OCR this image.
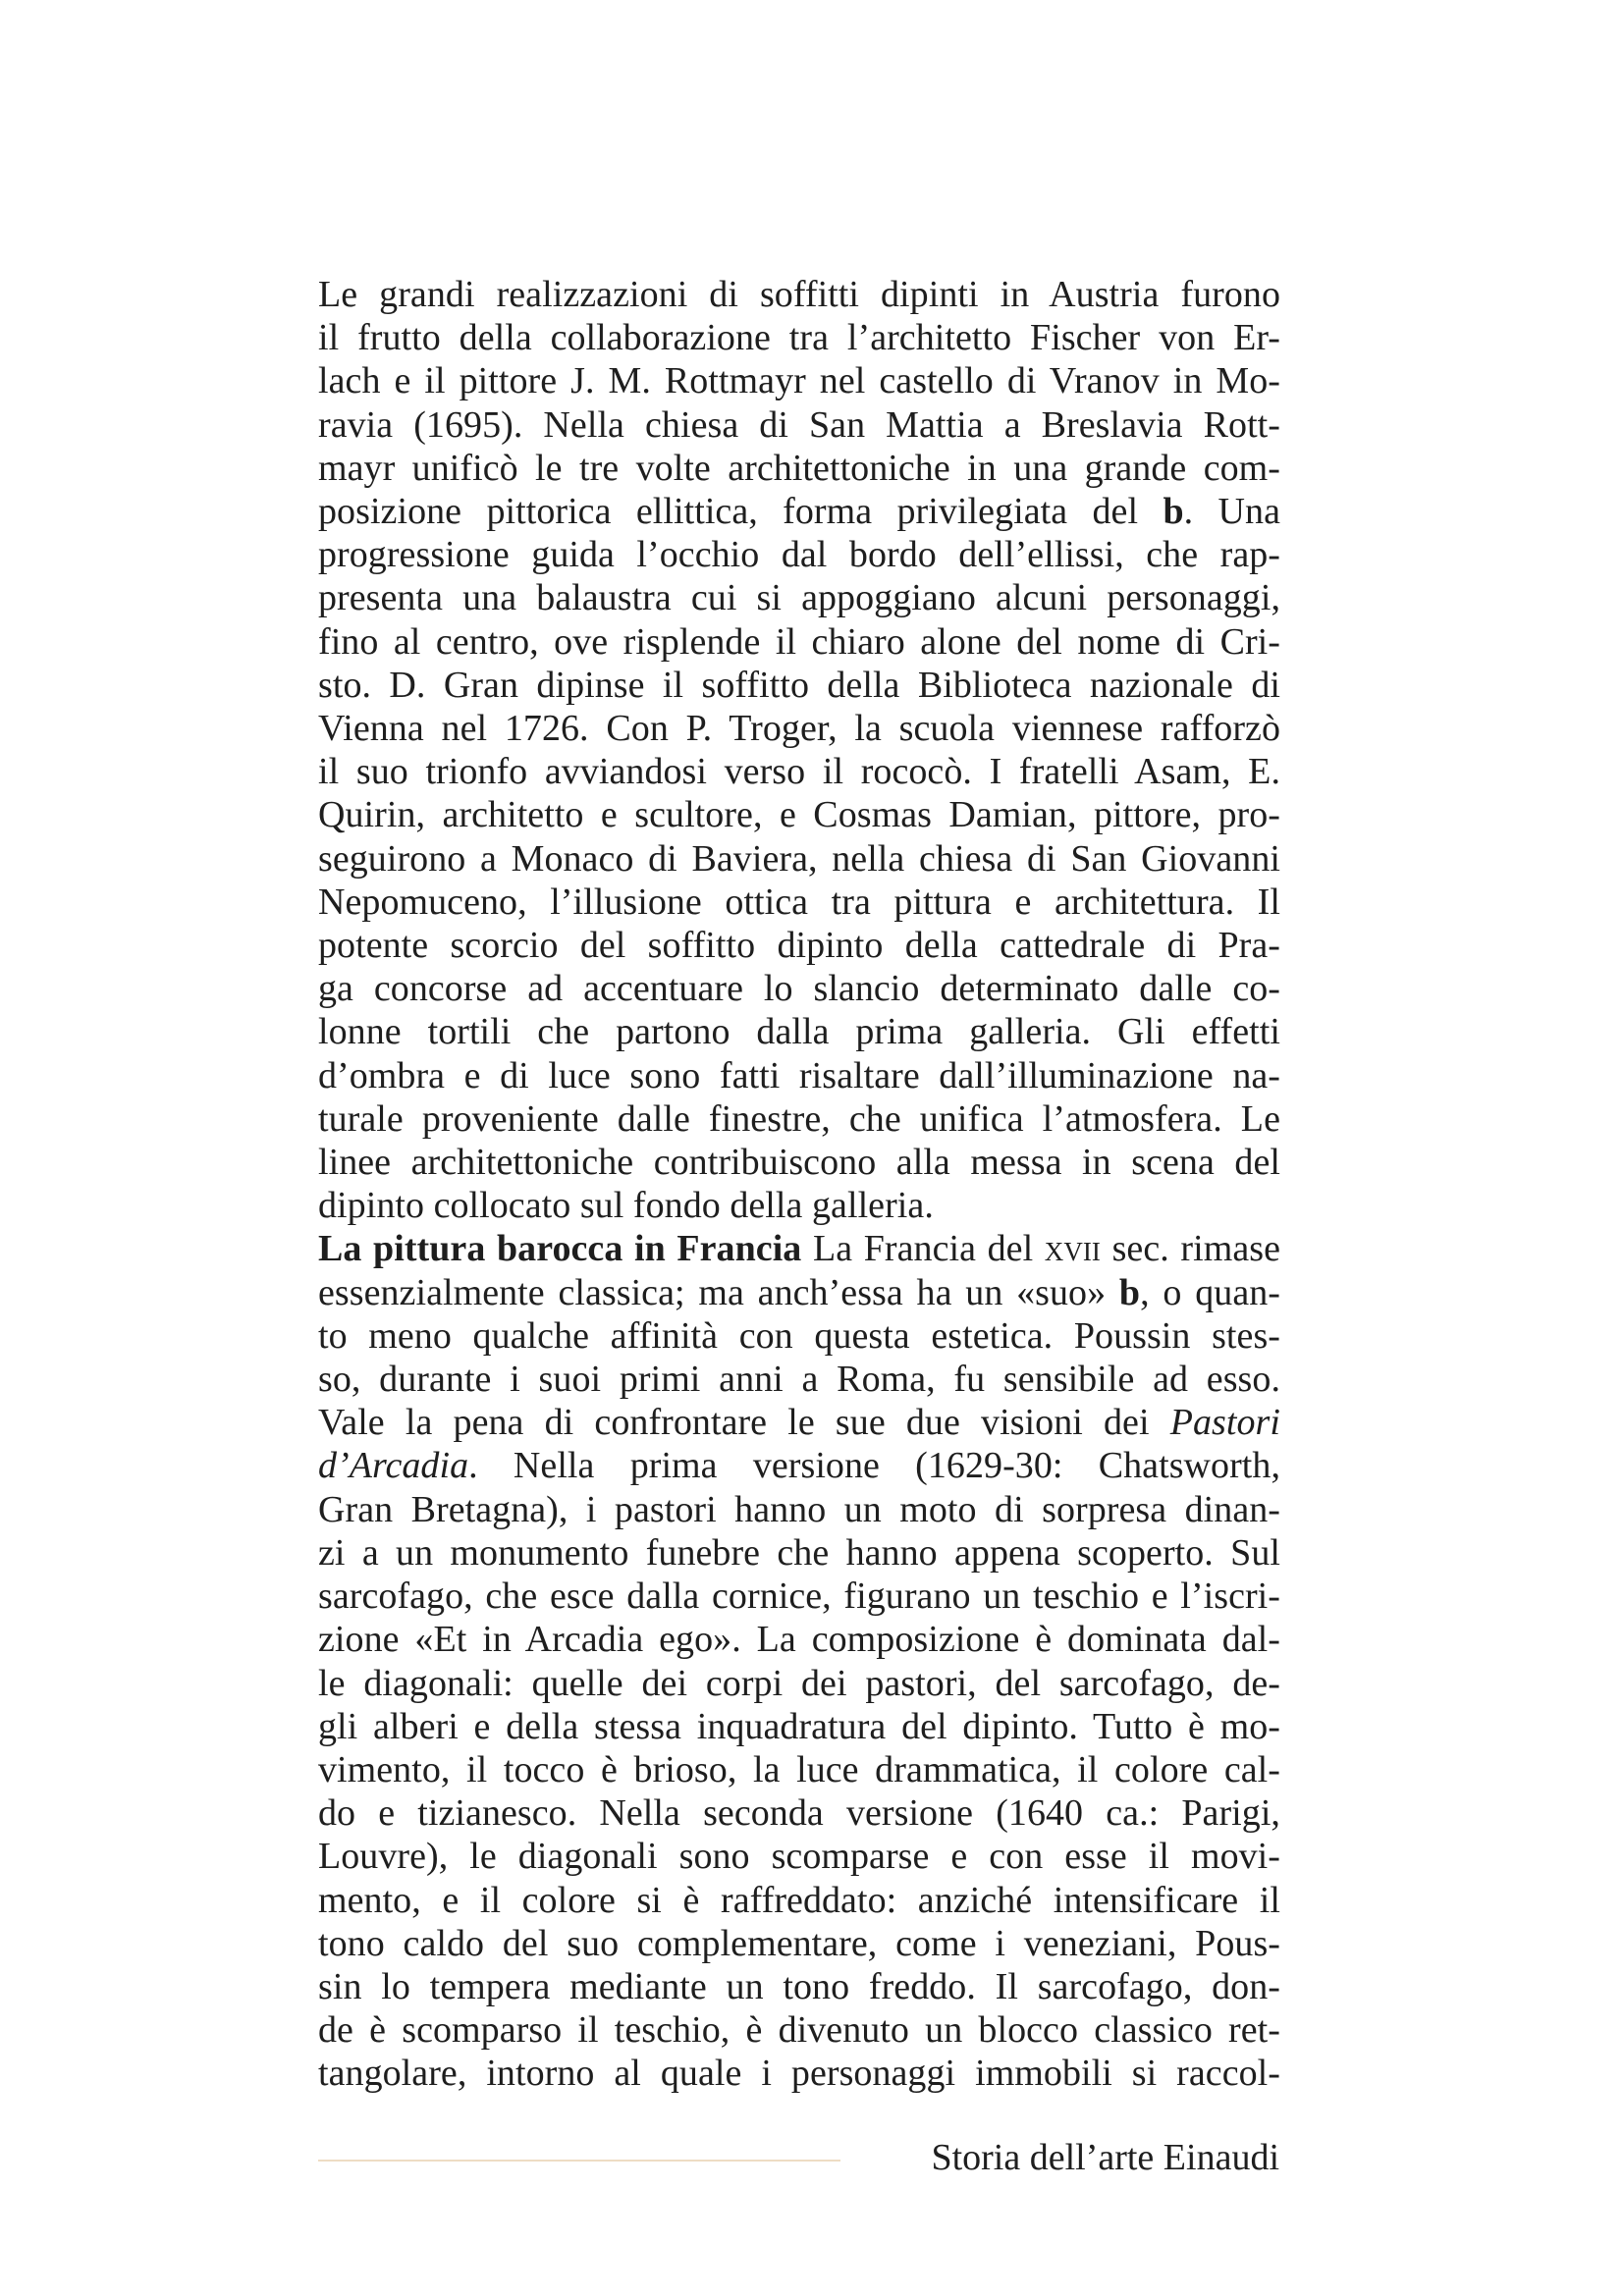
Le grandi realizzazioni di soffitti dipinti in Austria furono
il frutto della collaborazione tra l’architetto Fischer von Er-
lach e il pittore J. M. Rottmayr nel castello di Vranov in Mo-
ravia (1695). Nella chiesa di San Mattia a Breslavia Rott-
mayr unificò le tre volte architettoniche in una grande com-
posizione pittorica ellittica, forma privilegiata del b. Una
progressione guida l’occhio dal bordo dell’ellissi, che rap-
presenta una balaustra cui si appoggiano alcuni personaggi,
fino al centro, ove risplende il chiaro alone del nome di Cri-
sto. D. Gran dipinse il soffitto della Biblioteca nazionale di
Vienna nel 1726. Con P. Troger, la scuola viennese rafforzò
il suo trionfo avviandosi verso il rococò. I fratelli Asam, E.
Quirin, architetto e scultore, e Cosmas Damian, pittore, pro-
seguirono a Monaco di Baviera, nella chiesa di San Giovanni
Nepomuceno, l’illusione ottica tra pittura e architettura. Il
potente scorcio del soffitto dipinto della cattedrale di Pra-
ga concorse ad accentuare lo slancio determinato dalle co-
lonne tortili che partono dalla prima galleria. Gli effetti
d’ombra e di luce sono fatti risaltare dall’illuminazione na-
turale proveniente dalle finestre, che unifica l’atmosfera. Le
linee architettoniche contribuiscono alla messa in scena del
dipinto collocato sul fondo della galleria.
La pittura barocca in Francia La Francia del xvii sec. rimase
essenzialmente classica; ma anch’essa ha un «suo» b, o quan-
to meno qualche affinità con questa estetica. Poussin stes-
so, durante i suoi primi anni a Roma, fu sensibile ad esso.
Vale la pena di confrontare le sue due visioni dei Pastori
d’Arcadia. Nella prima versione (1629-30: Chatsworth,
Gran Bretagna), i pastori hanno un moto di sorpresa dinan-
zi a un monumento funebre che hanno appena scoperto. Sul
sarcofago, che esce dalla cornice, figurano un teschio e l’iscri-
zione «Et in Arcadia ego». La composizione è dominata dal-
le diagonali: quelle dei corpi dei pastori, del sarcofago, de-
gli alberi e della stessa inquadratura del dipinto. Tutto è mo-
vimento, il tocco è brioso, la luce drammatica, il colore cal-
do e tizianesco. Nella seconda versione (1640 ca.: Parigi,
Louvre), le diagonali sono scomparse e con esse il movi-
mento, e il colore si è raffreddato: anziché intensificare il
tono caldo del suo complementare, come i veneziani, Pous-
sin lo tempera mediante un tono freddo. Il sarcofago, don-
de è scomparso il teschio, è divenuto un blocco classico ret-
tangolare, intorno al quale i personaggi immobili si raccol-
Storia dell’arte Einaudi
